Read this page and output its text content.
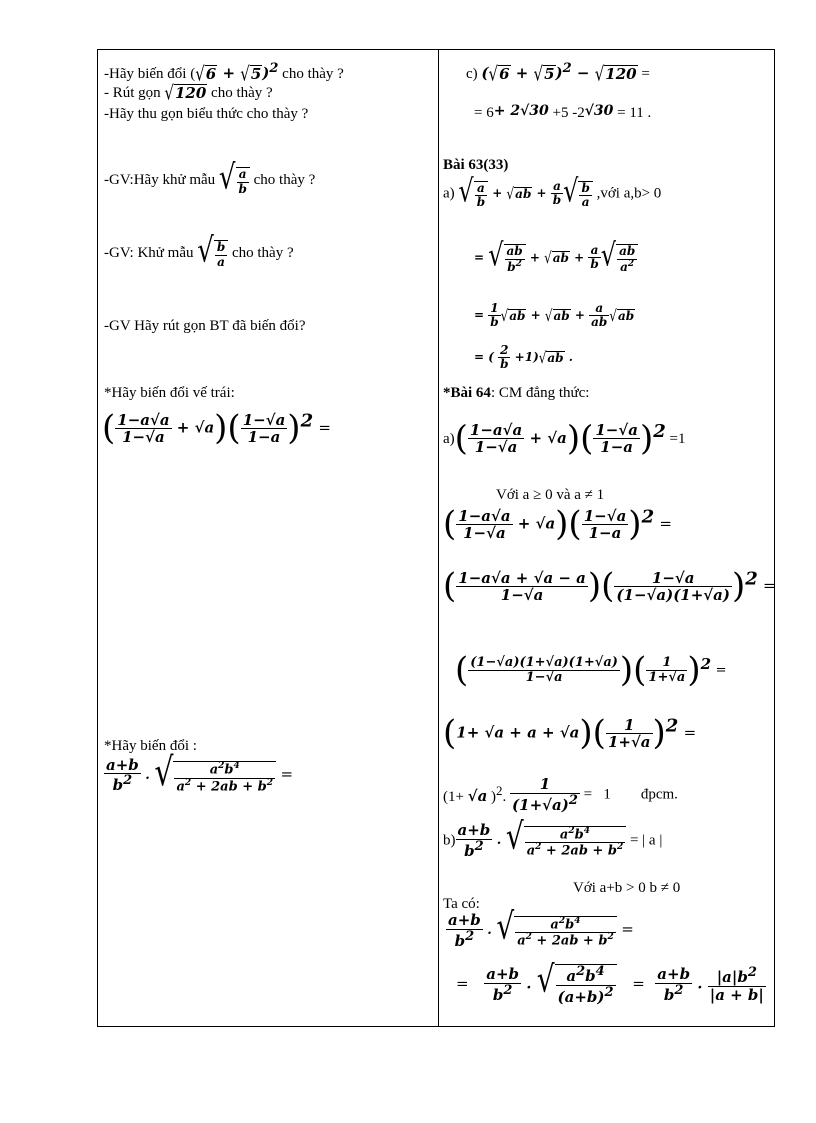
-Hãy biến đổi (√6 + √5)2 cho thày ?
- Rút gọn √120 cho thày ?
-Hãy thu gọn biểu thức cho thày ?
-GV:Hãy khử mẫu √ $\frac{a}{b}$ cho thày ?
-GV: Khử mẫu √ $\frac{b}{a}$ cho thày ?
-GV Hãy rút gọn BT đã biến đổi?
*Hãy biến đổi vế trái:
( $\frac{1-a√a}{1-√a} + √a)( \frac{1-√a}{1-a} )2$ =
*Hãy biến đổi :
$\frac{a+b}{b2}$ . √ $\frac{a^2b^4}{a^2 + 2ab + b^2}$ =
c) (√6 + √5)2 − √120 =
= 6+ 2√30 +5 -2√30 = 11 .
Bài 63(33)
a) √ $\frac{a}{b} + √ab + \frac{a}{b}$ √ $\frac{b}{a}$ ,với a,b> 0
= √ $\frac{ab}{b^2} + √ab + \frac{a}{b}$ √ $\frac{ab}{a^2}$
= $\frac{1}{b} √ab + √ab + \frac{a}{ab} √ab$
= ( $\frac{2}{b} +1)√ab$ .
*Bài 64: CM đẳng thức:
$a)( \frac{1-a√a}{1-√a} + √a)( \frac{1-√a}{1-a} )2 =1$
Với a ≥ 0 và a ≠ 1
( $\frac{1-a√a}{1-√a} + √a)( \frac{1-√a}{1-a} )2$ =
( $\frac{1-a√a + √a - a}{1-√a}$ )( $\frac{1-√a}{(1-√a)(1+√a)} )2$ =
( $\frac{(1-√a)(1+√a)(1+√a)}{1-√a}$ )( $\frac{1}{1+√a} )2$ =
$(1+ √a + a + √a)( \frac{1}{1+√a} )2$ =
(1+ √a )2. $\frac{1}{(1+√a)2} = 1$ đpcm.
$b) \frac{a+b}{b2}$ . √ $\frac{a^2b^4}{a^2 + 2ab + b^2}$ = | a |
Với a+b > 0 b ≠ 0
Ta có:
$\frac{a+b}{b2}$ . √ $\frac{a^2b^4}{a^2 + 2ab + b^2}$ =
= $\frac{a+b}{b2}$ . √ $\frac{a2b4}{(a+b)2} = \frac{a+b}{b2}$ . $\frac{|a|b2}{|a + b|}$
